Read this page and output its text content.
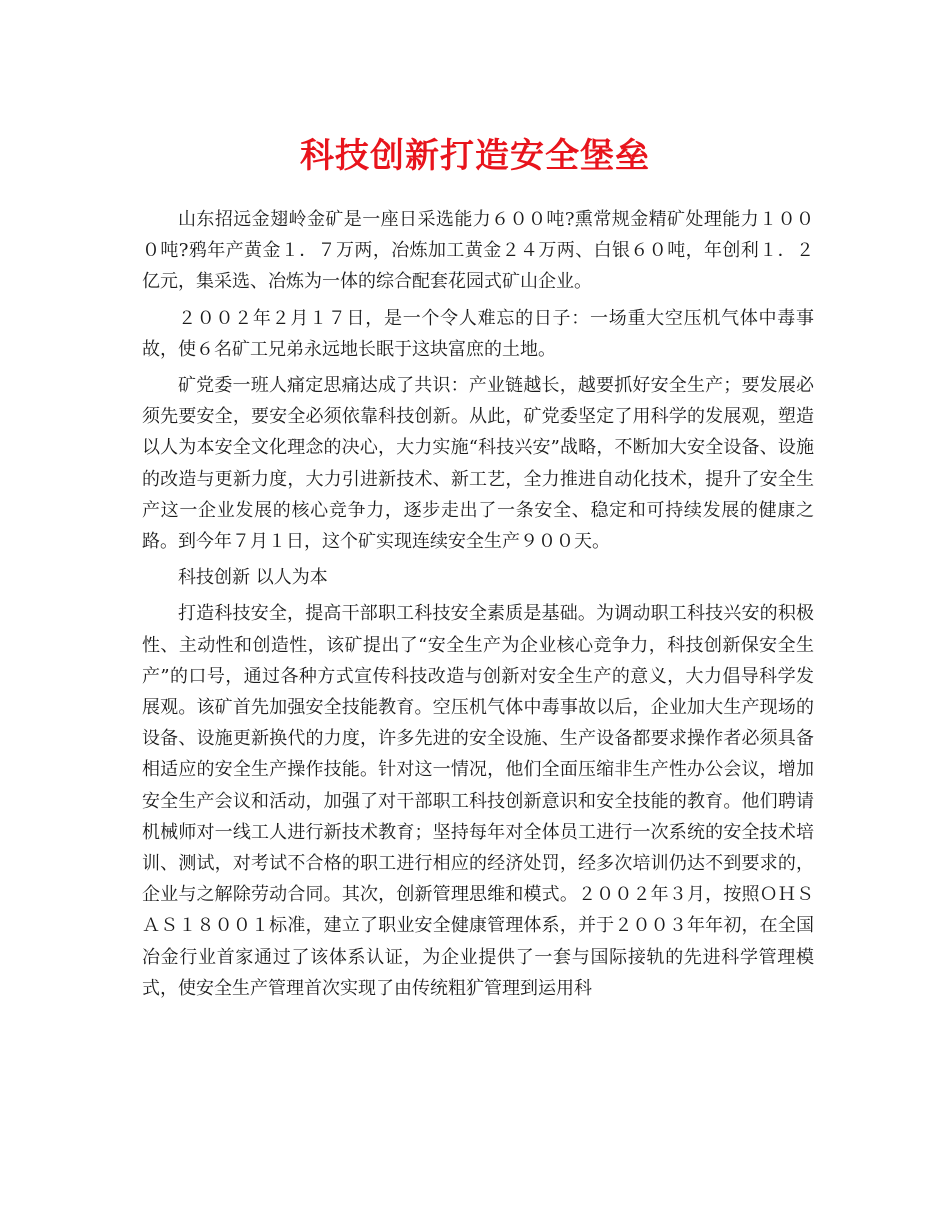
科技创新打造安全堡垒

山东招远金翅岭金矿是一座日采选能力６００吨?熏常规金精矿处理能力１０００吨?鸦年产黄金１．７万两，冶炼加工黄金２４万两、白银６０吨，年创利１．２亿元，集采选、冶炼为一体的综合配套花园式矿山企业。

２００２年２月１７日，是一个令人难忘的日子：一场重大空压机气体中毒事故，使６名矿工兄弟永远地长眠于这块富庶的土地。

矿党委一班人痛定思痛达成了共识：产业链越长，越要抓好安全生产；要发展必须先要安全，要安全必须依靠科技创新。从此，矿党委坚定了用科学的发展观，塑造以人为本安全文化理念的决心，大力实施“科技兴安”战略，不断加大安全设备、设施的改造与更新力度，大力引进新技术、新工艺，全力推进自动化技术，提升了安全生产这一企业发展的核心竞争力，逐步走出了一条安全、稳定和可持续发展的健康之路。到今年７月１日，这个矿实现连续安全生产９００天。

科技创新 以人为本

打造科技安全，提高干部职工科技安全素质是基础。为调动职工科技兴安的积极性、主动性和创造性，该矿提出了“安全生产为企业核心竞争力，科技创新保安全生产”的口号，通过各种方式宣传科技改造与创新对安全生产的意义，大力倡导科学发展观。该矿首先加强安全技能教育。空压机气体中毒事故以后，企业加大生产现场的设备、设施更新换代的力度，许多先进的安全设施、生产设备都要求操作者必须具备相适应的安全生产操作技能。针对这一情况，他们全面压缩非生产性办公会议，增加安全生产会议和活动，加强了对干部职工科技创新意识和安全技能的教育。他们聘请机械师对一线工人进行新技术教育；坚持每年对全体员工进行一次系统的安全技术培训、测试，对考试不合格的职工进行相应的经济处罚，经多次培训仍达不到要求的，企业与之解除劳动合同。其次，创新管理思维和模式。２００２年３月，按照ＯＨＳＡＳ１８００１标准，建立了职业安全健康管理体系，并于２００３年年初，在全国冶金行业首家通过了该体系认证，为企业提供了一套与国际接轨的先进科学管理模式，使安全生产管理首次实现了由传统粗犷管理到运用科
